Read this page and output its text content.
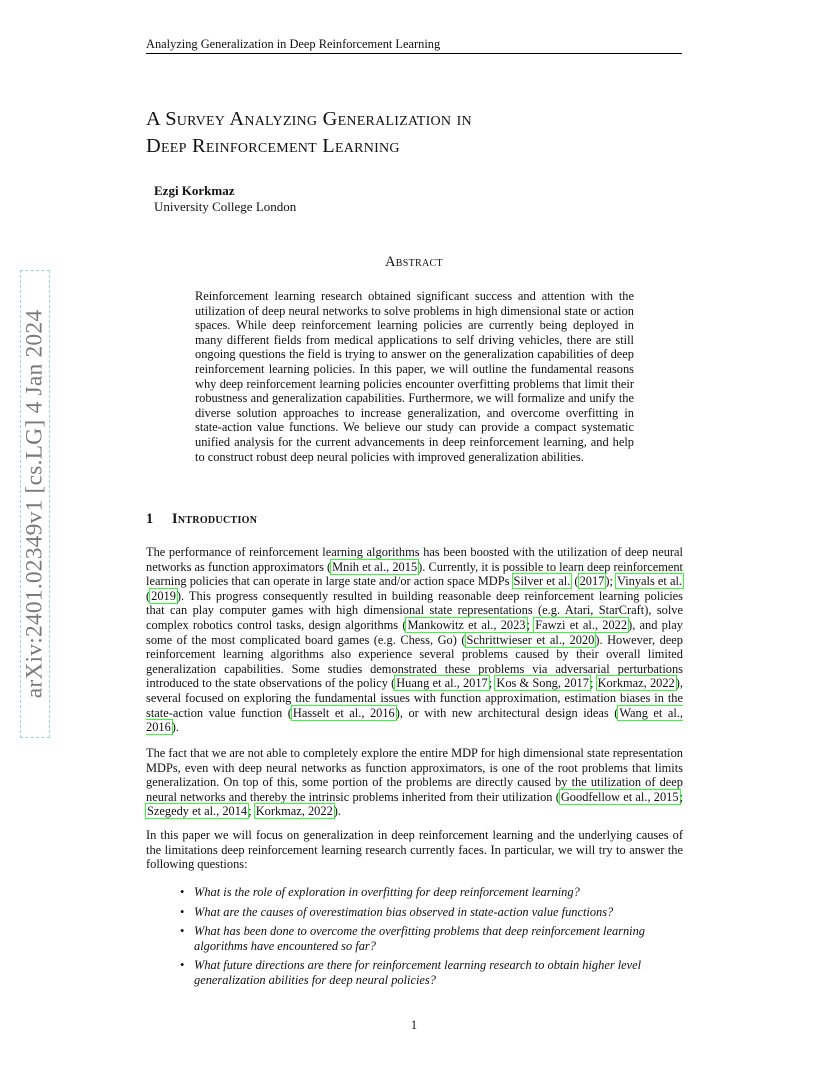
Analyzing Generalization in Deep Reinforcement Learning
arXiv:2401.02349v1 [cs.LG] 4 Jan 2024
A Survey Analyzing Generalization in
Deep Reinforcement Learning
Ezgi Korkmaz
University College London
Abstract

Reinforcement learning research obtained significant success and attention with the utilization of deep neural networks to solve problems in high dimensional state or action spaces. While deep reinforcement learning policies are currently being deployed in many different fields from medical applications to self driving vehicles, there are still ongoing questions the field is trying to answer on the generalization capabilities of deep reinforcement learning policies. In this paper, we will outline the fundamental reasons why deep reinforcement learning policies encounter overfitting problems that limit their robustness and generalization capabilities. Furthermore, we will formalize and unify the diverse solution approaches to increase generalization, and overcome overfitting in state-action value functions. We believe our study can provide a compact systematic unified analysis for the current advancements in deep reinforcement learning, and help to construct robust deep neural policies with improved generalization abilities.

1 Introduction

The performance of reinforcement learning algorithms has been boosted with the utilization of deep neural networks as function approximators (Mnih et al., 2015). Currently, it is possible to learn deep reinforcement learning policies that can operate in large state and/or action space MDPs Silver et al. (2017); Vinyals et al. (2019). This progress consequently resulted in building reasonable deep reinforcement learning policies that can play computer games with high dimensional state representations (e.g. Atari, StarCraft), solve complex robotics control tasks, design algorithms (Mankowitz et al., 2023; Fawzi et al., 2022), and play some of the most complicated board games (e.g. Chess, Go) (Schrittwieser et al., 2020). However, deep reinforcement learning algorithms also experience several problems caused by their overall limited generalization capabilities. Some studies demonstrated these problems via adversarial perturbations introduced to the state observations of the policy (Huang et al., 2017; Kos & Song, 2017; Korkmaz, 2022), several focused on exploring the fundamental issues with function approximation, estimation biases in the state-action value function (Hasselt et al., 2016), or with new architectural design ideas (Wang et al., 2016).

The fact that we are not able to completely explore the entire MDP for high dimensional state representation MDPs, even with deep neural networks as function approximators, is one of the root problems that limits generalization. On top of this, some portion of the problems are directly caused by the utilization of deep neural networks and thereby the intrinsic problems inherited from their utilization (Goodfellow et al., 2015; Szegedy et al., 2014; Korkmaz, 2022).

In this paper we will focus on generalization in deep reinforcement learning and the underlying causes of the limitations deep reinforcement learning research currently faces. In particular, we will try to answer the following questions:

• What is the role of exploration in overfitting for deep reinforcement learning?
• What are the causes of overestimation bias observed in state-action value functions?
• What has been done to overcome the overfitting problems that deep reinforcement learning algorithms have encountered so far?
• What future directions are there for reinforcement learning research to obtain higher level generalization abilities for deep neural policies?
1
